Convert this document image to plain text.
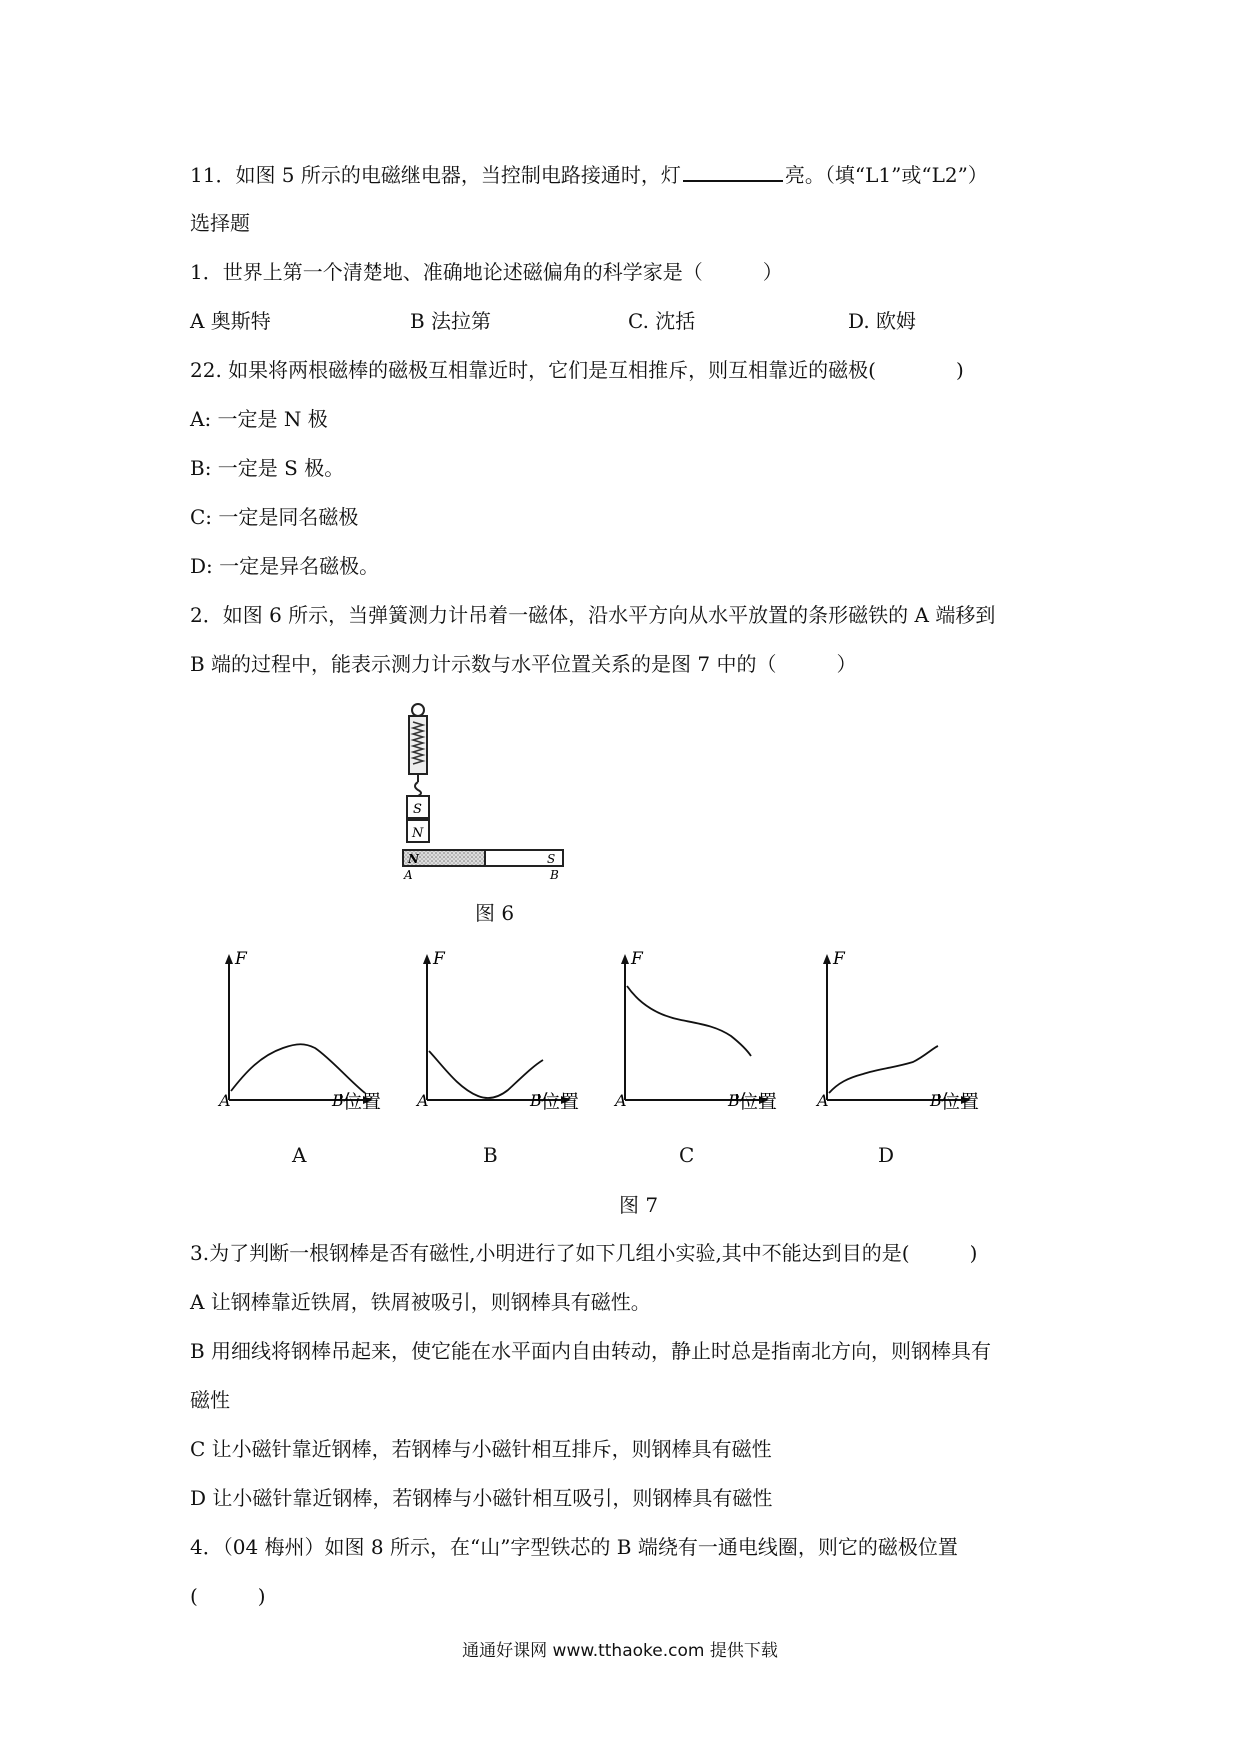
11．如图 5 所示的电磁继电器，当控制电路接通时，灯	亮。（填“L1”或“L2”）
选择题
1．世界上第一个清楚地、准确地论述磁偏角的科学家是（　　　）
A 奥斯特	B 法拉第	C. 沈括	D. 欧姆
22. 如果将两根磁棒的磁极互相靠近时，它们是互相推斥，则互相靠近的磁极(　　　　)
A: 一定是 N 极
B: 一定是 S 极。
C: 一定是同名磁极
D: 一定是异名磁极。
2．如图 6 所示，当弹簧测力计吊着一磁体，沿水平方向从水平放置的条形磁铁的 A 端移到
B 端的过程中，能表示测力计示数与水平位置关系的是图 7 中的（　　　）
S
N
N	S
A	B
图 6
F
A	B 位置
A
F
A	B 位置
B
F
A	B 位置
C
F
A	B 位置
D
图 7
3.为了判断一根钢棒是否有磁性,小明进行了如下几组小实验,其中不能达到目的是(　　　)
A 让钢棒靠近铁屑，铁屑被吸引，则钢棒具有磁性。
B 用细线将钢棒吊起来，使它能在水平面内自由转动，静止时总是指南北方向，则钢棒具有
磁性
C 让小磁针靠近钢棒，若钢棒与小磁针相互排斥，则钢棒具有磁性
D 让小磁针靠近钢棒，若钢棒与小磁针相互吸引，则钢棒具有磁性
4．（04 梅州）如图 8 所示，在“山”字型铁芯的 B 端绕有一通电线圈，则它的磁极位置
(　　　)
通通好课网 www.tthaoke.com 提供下载
